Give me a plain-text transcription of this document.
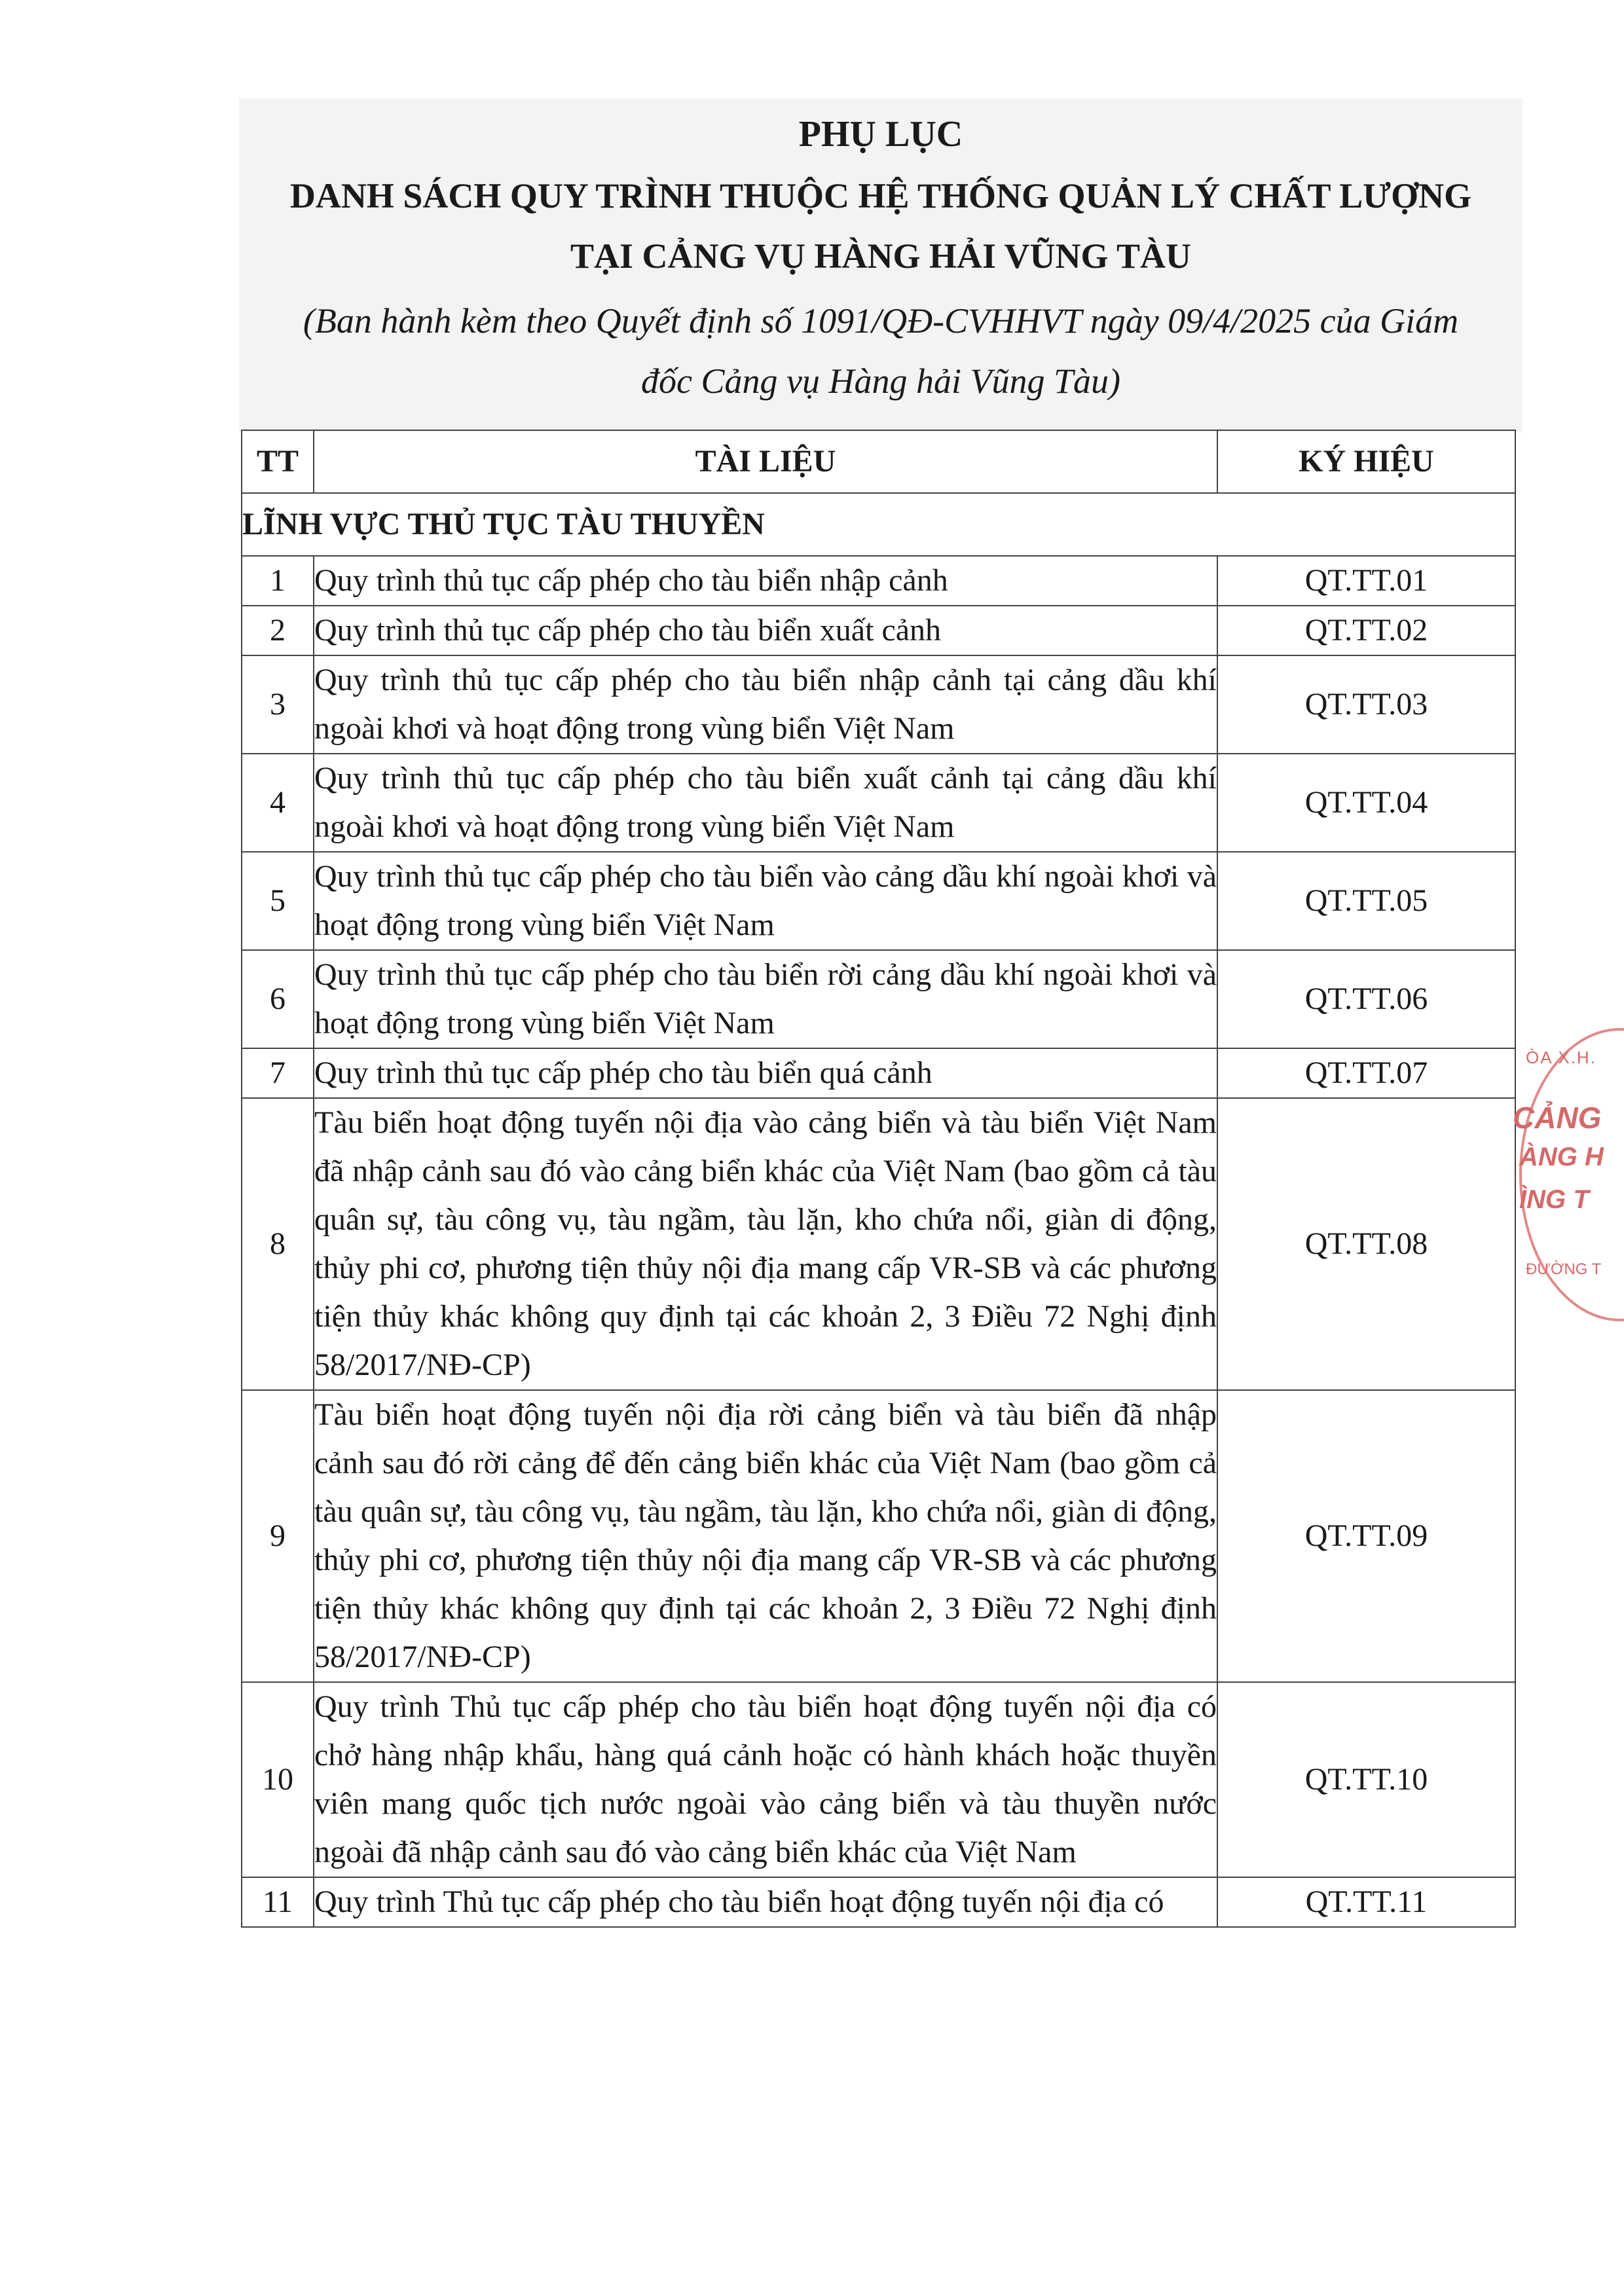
PHỤ LỤC
DANH SÁCH QUY TRÌNH THUỘC HỆ THỐNG QUẢN LÝ CHẤT LƯỢNG
TẠI CẢNG VỤ HÀNG HẢI VŨNG TÀU
(Ban hành kèm theo Quyết định số 1091/QĐ-CVHHVT ngày 09/4/2025 của Giám
đốc Cảng vụ Hàng hải Vũng Tàu)
TT	TÀI LIỆU	KÝ HIỆU
LĨNH VỰC THỦ TỤC TÀU THUYỀN		
1	Quy trình thủ tục cấp phép cho tàu biển nhập cảnh	QT.TT.01
2	Quy trình thủ tục cấp phép cho tàu biển xuất cảnh	QT.TT.02
3	Quy trình thủ tục cấp phép cho tàu biển nhập cảnh tại cảng dầu khí ngoài khơi và hoạt động trong vùng biển Việt Nam	QT.TT.03
4	Quy trình thủ tục cấp phép cho tàu biển xuất cảnh tại cảng dầu khí ngoài khơi và hoạt động trong vùng biển Việt Nam	QT.TT.04
5	Quy trình thủ tục cấp phép cho tàu biển vào cảng dầu khí ngoài khơi và hoạt động trong vùng biển Việt Nam	QT.TT.05
6	Quy trình thủ tục cấp phép cho tàu biển rời cảng dầu khí ngoài khơi và hoạt động trong vùng biển Việt Nam	QT.TT.06
7	Quy trình thủ tục cấp phép cho tàu biển quá cảnh	QT.TT.07
8	Tàu biển hoạt động tuyến nội địa vào cảng biển và tàu biển Việt Nam đã nhập cảnh sau đó vào cảng biển khác của Việt Nam (bao gồm cả tàu quân sự, tàu công vụ, tàu ngầm, tàu lặn, kho chứa nổi, giàn di động, thủy phi cơ, phương tiện thủy nội địa mang cấp VR-SB và các phương tiện thủy khác không quy định tại các khoản 2, 3 Điều 72 Nghị định 58/2017/NĐ-CP)	QT.TT.08
9	Tàu biển hoạt động tuyến nội địa rời cảng biển và tàu biển đã nhập cảnh sau đó rời cảng để đến cảng biển khác của Việt Nam (bao gồm cả tàu quân sự, tàu công vụ, tàu ngầm, tàu lặn, kho chứa nổi, giàn di động, thủy phi cơ, phương tiện thủy nội địa mang cấp VR-SB và các phương tiện thủy khác không quy định tại các khoản 2, 3 Điều 72 Nghị định 58/2017/NĐ-CP)	QT.TT.09
10	Quy trình Thủ tục cấp phép cho tàu biển hoạt động tuyến nội địa có chở hàng nhập khẩu, hàng quá cảnh hoặc có hành khách hoặc thuyền viên mang quốc tịch nước ngoài vào cảng biển và tàu thuyền nước ngoài đã nhập cảnh sau đó vào cảng biển khác của Việt Nam	QT.TT.10
11	Quy trình Thủ tục cấp phép cho tàu biển hoạt động tuyến nội địa có	QT.TT.11
ÒA X.H.
CẢNG
ÀNG H
ÌNG T
ĐƯỜNG T
